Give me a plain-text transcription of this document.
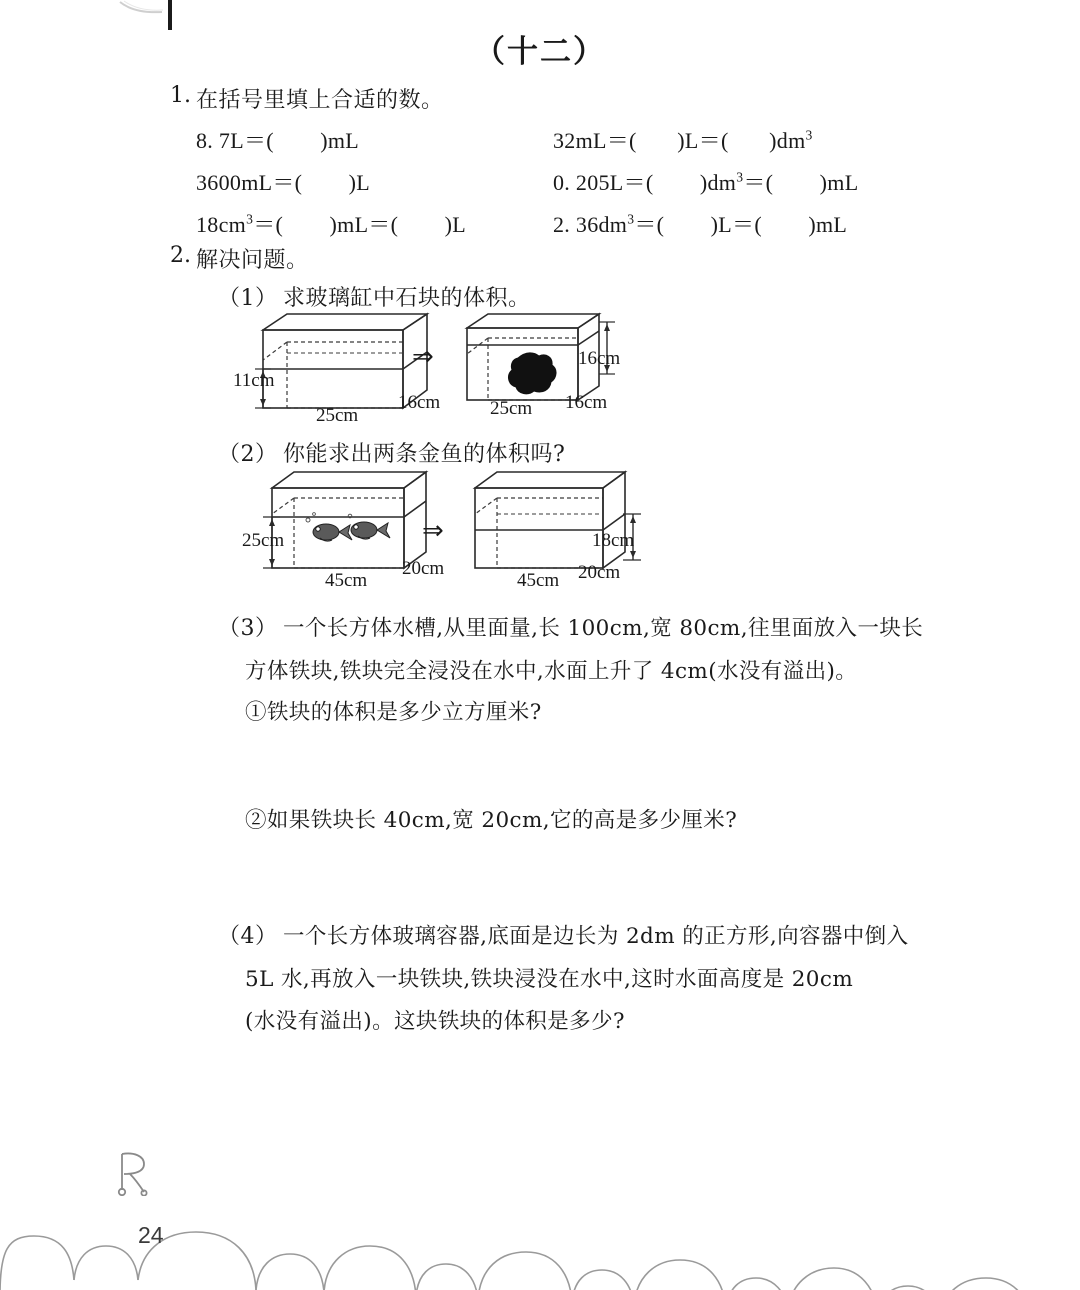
（十二）
1. 在括号里填上合适的数。
8. 7L＝(        )mL	32mL＝(       )L＝(       )$dm^3$
3600mL＝(        )L	0. 205L＝(        )$dm^3=$(        )mL
$18cm^3=$(        )mL＝(        )L	2. $36dm^3=$(        )L＝(        )mL
2. 解决问题。
（1） 求玻璃缸中石块的体积。
11cm
25cm
16cm
⇒	16cm
25cm 16cm
（2） 你能求出两条金鱼的体积吗?
25cm
45cm
20cm
⇒	18cm
45cm 20cm
（3） 一个长方体水槽,从里面量,长 100cm,宽 80cm,往里面放入一块长
方体铁块,铁块完全浸没在水中,水面上升了 4cm(水没有溢出)。
①铁块的体积是多少立方厘米?
②如果铁块长 40cm,宽 20cm,它的高是多少厘米?
（4） 一个长方体玻璃容器,底面是边长为 2dm 的正方形,向容器中倒入
5L 水,再放入一块铁块,铁块浸没在水中,这时水面高度是 20cm
(水没有溢出)。这块铁块的体积是多少?
24
